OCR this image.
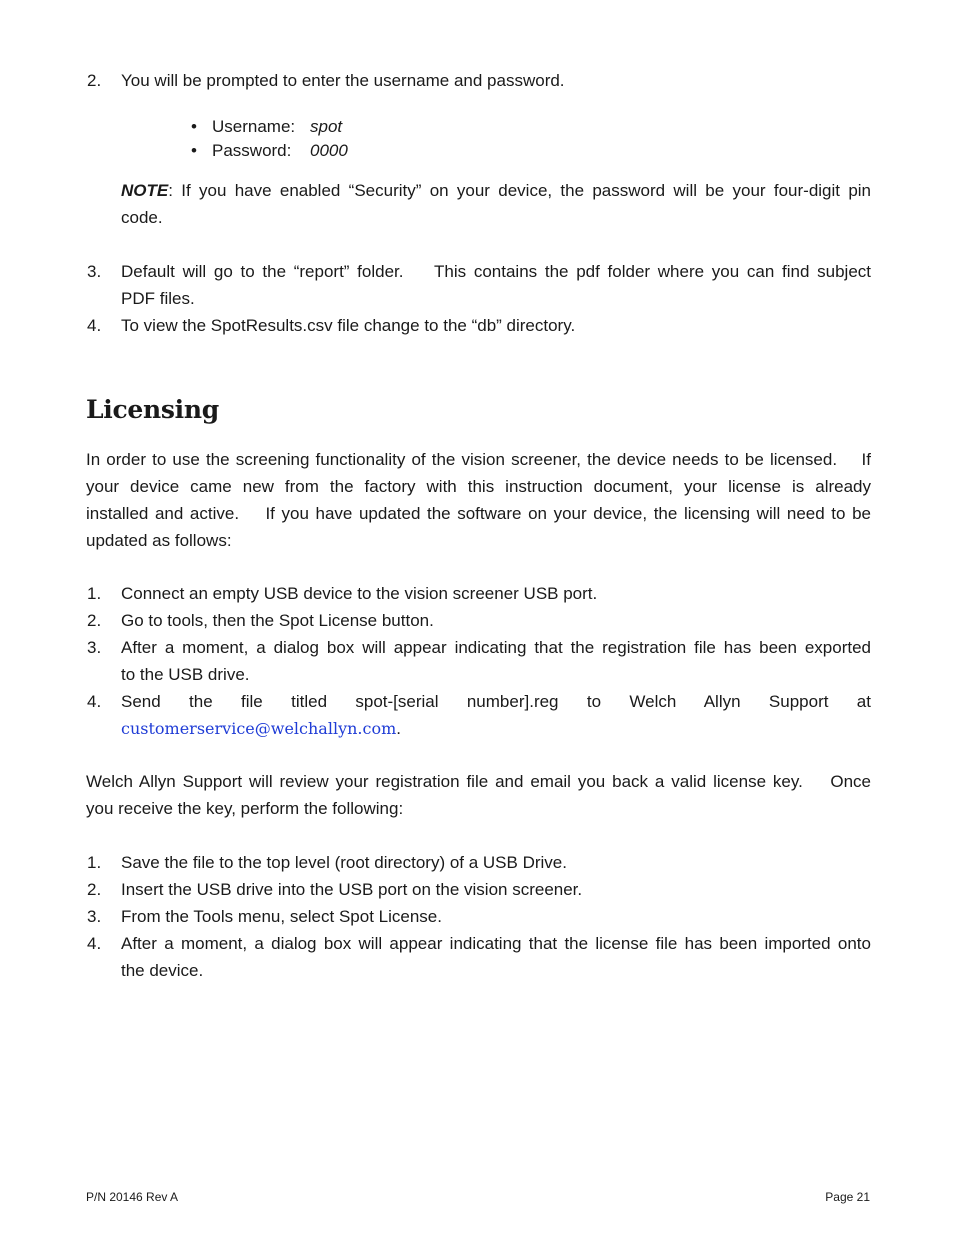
2. You will be prompted to enter the username and password.
• Username: spot
• Password: 0000
NOTE: If you have enabled “Security” on your device, the password will be your four-digit pin
code.
3. Default will go to the “report” folder.    This contains the pdf folder where you can find subject
PDF files.
4. To view the SpotResults.csv file change to the “db” directory.
Licensing
In order to use the screening functionality of the vision screener, the device needs to be licensed.    If
your device came new from the factory with this instruction document, your license is already
installed and active.    If you have updated the software on your device, the licensing will need to be
updated as follows:
1. Connect an empty USB device to the vision screener USB port.
2. Go to tools, then the Spot License button.
3. After a moment, a dialog box will appear indicating that the registration file has been exported
to the USB drive.
4. Send the file titled spot-[serial number].reg to Welch Allyn Support at
customerservice@welchallyn.com.
Welch Allyn Support will review your registration file and email you back a valid license key.    Once
you receive the key, perform the following:
1. Save the file to the top level (root directory) of a USB Drive.
2. Insert the USB drive into the USB port on the vision screener.
3. From the Tools menu, select Spot License.
4. After a moment, a dialog box will appear indicating that the license file has been imported onto
the device.
P/N 20146 Rev A	Page 21
